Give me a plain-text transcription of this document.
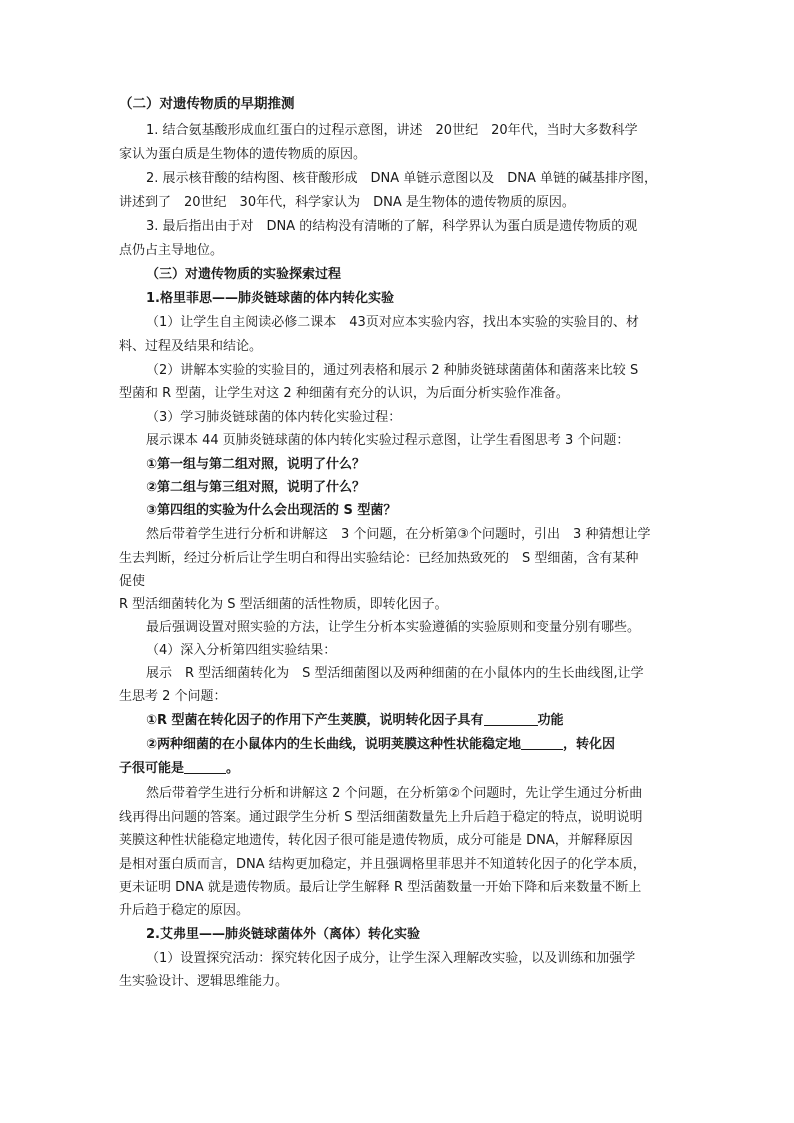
（二）对遗传物质的早期推测
1. 结合氨基酸形成血红蛋白的过程示意图，讲述　20世纪　20年代，当时大多数科学
家认为蛋白质是生物体的遗传物质的原因。
2. 展示核苷酸的结构图、核苷酸形成　DNA 单链示意图以及　DNA 单链的碱基排序图，
讲述到了　20世纪　30年代，科学家认为　DNA 是生物体的遗传物质的原因。
3. 最后指出由于对　DNA 的结构没有清晰的了解，科学界认为蛋白质是遗传物质的观
点仍占主导地位。
（三）对遗传物质的实验探索过程
1.格里菲思——肺炎链球菌的体内转化实验
（1）让学生自主阅读必修二课本　43页对应本实验内容，找出本实验的实验目的、材
料、过程及结果和结论。
（2）讲解本实验的实验目的，通过列表格和展示 2 种肺炎链球菌菌体和菌落来比较 S
型菌和 R 型菌，让学生对这 2 种细菌有充分的认识，为后面分析实验作准备。
（3）学习肺炎链球菌的体内转化实验过程：
展示课本 44 页肺炎链球菌的体内转化实验过程示意图，让学生看图思考 3 个问题：
①第一组与第二组对照，说明了什么？
②第二组与第三组对照，说明了什么？
③第四组的实验为什么会出现活的 S 型菌？
然后带着学生进行分析和讲解这　3 个问题，在分析第③个问题时，引出　3 种猜想让学
生去判断，经过分析后让学生明白和得出实验结论：已经加热致死的　S 型细菌，含有某种
促使
R 型活细菌转化为 S 型活细菌的活性物质，即转化因子。
最后强调设置对照实验的方法，让学生分析本实验遵循的实验原则和变量分别有哪些。
（4）深入分析第四组实验结果：
展示　R 型活细菌转化为　S 型活细菌图以及两种细菌的在小鼠体内的生长曲线图,让学
生思考 2 个问题：
①R 型菌在转化因子的作用下产生荚膜，说明转化因子具有	功能
②两种细菌的在小鼠体内的生长曲线，说明荚膜这种性状能稳定地	，转化因
子很可能是	。
然后带着学生进行分析和讲解这 2 个问题，在分析第②个问题时，先让学生通过分析曲
线再得出问题的答案。通过跟学生分析 S 型活细菌数量先上升后趋于稳定的特点，说明说明
荚膜这种性状能稳定地遗传，转化因子很可能是遗传物质，成分可能是 DNA，并解释原因
是相对蛋白质而言，DNA 结构更加稳定，并且强调格里菲思并不知道转化因子的化学本质，
更未证明 DNA 就是遗传物质。最后让学生解释 R 型活菌数量一开始下降和后来数量不断上
升后趋于稳定的原因。
2.艾弗里——肺炎链球菌体外（离体）转化实验
（1）设置探究活动：探究转化因子成分，让学生深入理解改实验，以及训练和加强学
生实验设计、逻辑思维能力。
